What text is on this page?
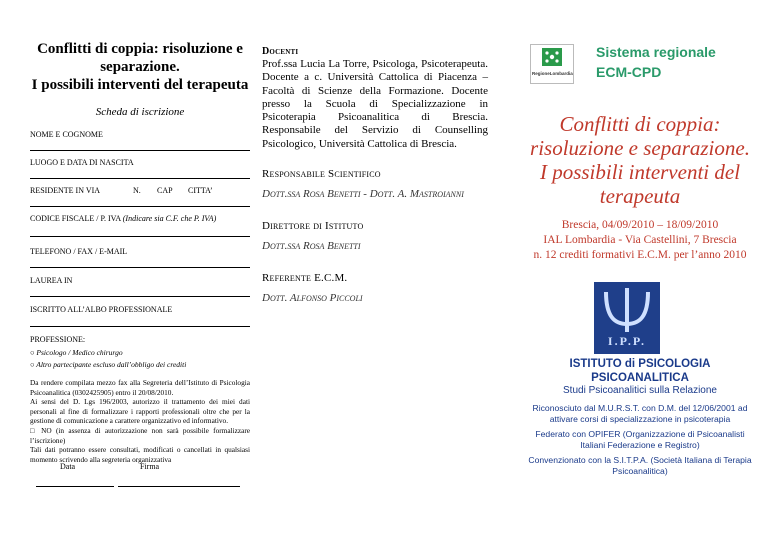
Conflitti di coppia: risoluzione e
separazione.
I possibili interventi del terapeuta
Scheda di iscrizione
NOME E COGNOME
LUOGO E DATA DI NASCITA
RESIDENTE IN VIA	N. CAP CITTA’
CODICE FISCALE / P. IVA (Indicare sia C.F. che P. IVA)
TELEFONO / FAX / E-MAIL
LAUREA IN
ISCRITTO ALL’ALBO PROFESSIONALE
PROFESSIONE:
○ Psicologo / Medico chirurgo
○ Altro partecipante escluso dall’obbligo dei crediti
Da rendere compilata mezzo fax alla Segreteria dell’Istituto di Psicologia Psicoanalitica (0302425905) entro il 20/08/2010.
Ai sensi del D. Lgs 196/2003, autorizzo il trattamento dei miei dati personali al fine di formalizzare i rapporti professionali oltre che per la gestione di comunicazione a carattere organizzativo ed informativo.
□ NO (in assenza di autorizzazione non sarà possibile formalizzare l’iscrizione)
Tali dati potranno essere consultati, modificati o cancellati in qualsiasi momento scrivendo alla segreteria organizzativa
Data	Firma
Docenti
Prof.ssa Lucia La Torre, Psicologa, Psicoterapeuta. Docente a c. Università Cattolica di Piacenza – Facoltà di Scienze della Formazione. Docente presso la Scuola di Specializzazione in Psicoterapia Psicoanalitica di Brescia. Responsabile del Servizio di Counselling Psicologico, Università Cattolica di Brescia.
Responsabile Scientifico
Dott.ssa Rosa Benetti - Dott. A. Mastroianni
Direttore di Istituto
Dott.ssa Rosa Benetti
Referente E.C.M.
Dott. Alfonso Piccoli
RegioneLombardia
Sistema regionale
ECM-CPD
Conflitti di coppia:
risoluzione e separazione.
I possibili interventi del
terapeuta
Brescia, 04/09/2010 – 18/09/2010
IAL Lombardia - Via Castellini, 7 Brescia
n. 12 crediti formativi E.C.M. per l’anno 2010
I.P.P.
ISTITUTO di PSICOLOGIA
PSICOANALITICA
Studi Psicoanalitici sulla Relazione
Riconosciuto dal M.U.R.S.T. con D.M. del 12/06/2001 ad attivare corsi di specializzazione in psicoterapia
Federato con OPIFER (Organizzazione di Psicoanalisti Italiani Federazione e Registro)
Convenzionato con la S.I.T.P.A. (Società Italiana di Terapia Psicoanalitica)
